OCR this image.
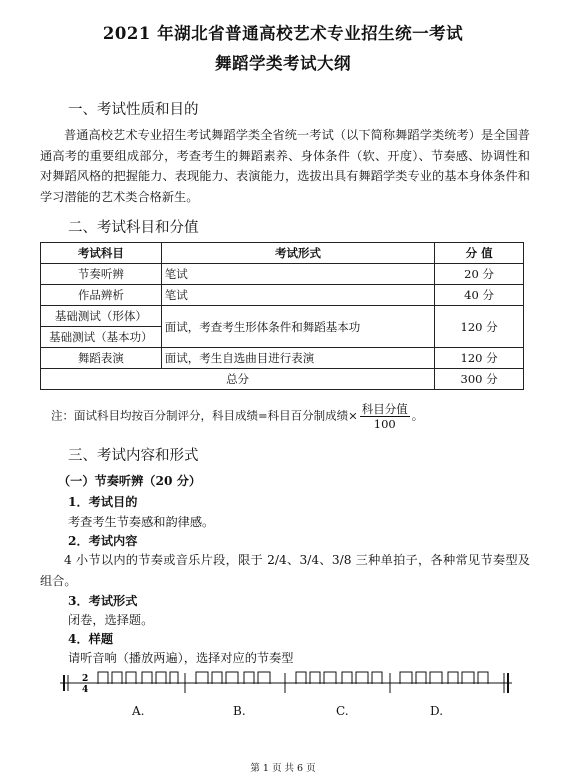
2021 年湖北省普通高校艺术专业招生统一考试
舞蹈学类考试大纲
一、考试性质和目的
普通高校艺术专业招生考试舞蹈学类全省统一考试（以下简称舞蹈学类统考）是全国普通高考的重要组成部分，考查考生的舞蹈素养、身体条件（软、开度）、节奏感、协调性和对舞蹈风格的把握能力、表现能力、表演能力，选拔出具有舞蹈学类专业的基本身体条件和学习潜能的艺术类合格新生。
二、考试科目和分值
考试科目	考试形式	分 值
节奏听辨	笔试	20 分
作品辨析	笔试	40 分
基础测试（形体）	面试，考查考生形体条件和舞蹈基本功	120 分
基础测试（基本功）		
舞蹈表演	面试，考生自选曲目进行表演	120 分
总分		300 分
注：面试科目均按百分制评分，科目成绩=科目百分制成绩× $\frac{\text{科目分值}}{100}$ 。
三、考试内容和形式
（一）节奏听辨（20 分）
1．考试目的
考查考生节奏感和韵律感。
2．考试内容
4 小节以内的节奏或音乐片段，限于 2/4、3/4、3/8 三种单拍子，各种常见节奏型及组合。
3．考试形式
闭卷，选择题。
4．样题
请听音响（播放两遍），选择对应的节奏型
2
4
A.	B.	C.	D.
第 1 页 共 6 页
